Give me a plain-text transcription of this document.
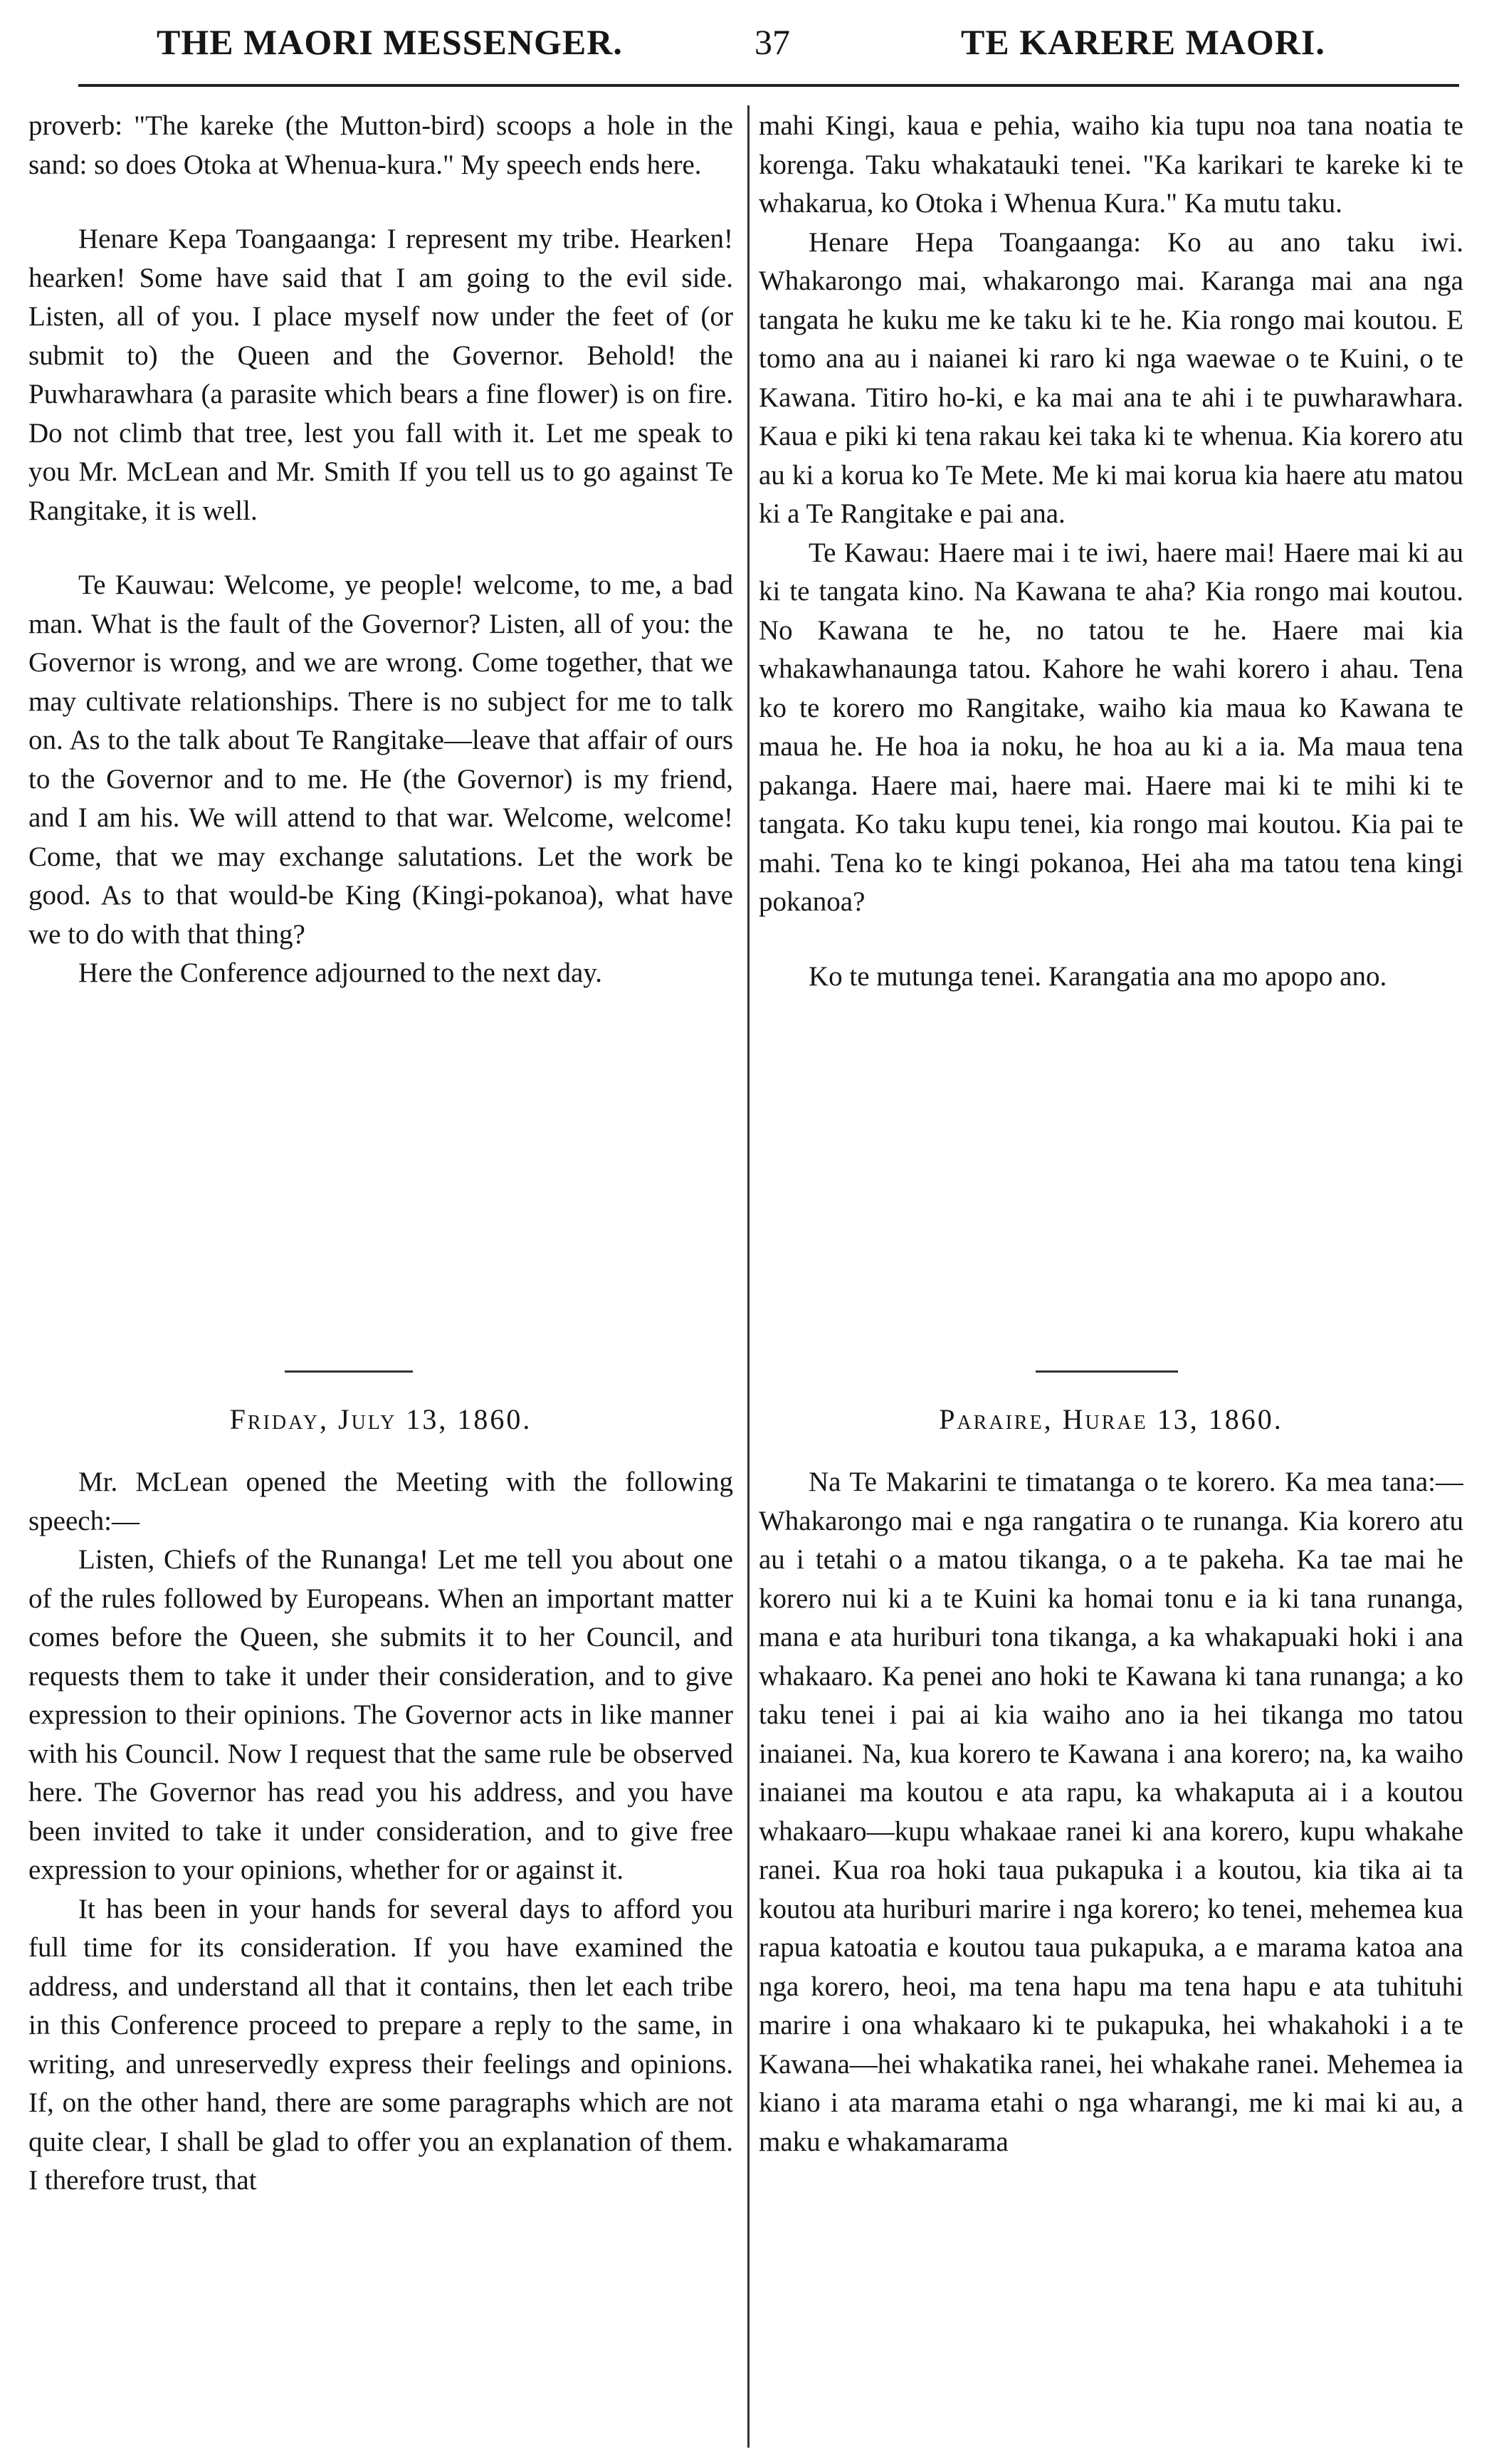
THE MAORI MESSENGER.	37	TE KARERE MAORI.

proverb: "The kareke (the Mutton-bird) scoops a hole in the sand: so does Otoka at Whenua-kura." My speech ends here.

Henare Kepa Toangaanga: I represent my tribe. Hearken! hearken! Some have said that I am going to the evil side. Listen, all of you. I place myself now under the feet of (or submit to) the Queen and the Governor. Behold! the Puwharawhara (a parasite which bears a fine flower) is on fire. Do not climb that tree, lest you fall with it. Let me speak to you Mr. McLean and Mr. Smith If you tell us to go against Te Rangitake, it is well.

Te Kauwau: Welcome, ye people! welcome, to me, a bad man. What is the fault of the Governor? Listen, all of you: the Governor is wrong, and we are wrong. Come together, that we may cultivate relationships. There is no subject for me to talk on. As to the talk about Te Rangitake—leave that affair of ours to the Governor and to me. He (the Governor) is my friend, and I am his. We will attend to that war. Welcome, welcome! Come, that we may exchange salutations. Let the work be good. As to that would-be King (Kingi-pokanoa), what have we to do with that thing?

Here the Conference adjourned to the next day.

mahi Kingi, kaua e pehia, waiho kia tupu noa tana noatia te korenga. Taku whakatauki tenei. "Ka karikari te kareke ki te whakarua, ko Otoka i Whenua Kura." Ka mutu taku.

Henare Hepa Toangaanga: Ko au ano taku iwi. Whakarongo mai, whakarongo mai. Karanga mai ana nga tangata he kuku me ke taku ki te he. Kia rongo mai koutou. E tomo ana au i naianei ki raro ki nga waewae o te Kuini, o te Kawana. Titiro ho-ki, e ka mai ana te ahi i te puwharawhara. Kaua e piki ki tena rakau kei taka ki te whenua. Kia korero atu au ki a korua ko Te Mete. Me ki mai korua kia haere atu matou ki a Te Rangitake e pai ana.

Te Kawau: Haere mai i te iwi, haere mai! Haere mai ki au ki te tangata kino. Na Kawana te aha? Kia rongo mai koutou. No Kawana te he, no tatou te he. Haere mai kia whakawhanaunga tatou. Kahore he wahi korero i ahau. Tena ko te korero mo Rangitake, waiho kia maua ko Kawana te maua he. He hoa ia noku, he hoa au ki a ia. Ma maua tena pakanga. Haere mai, haere mai. Haere mai ki te mihi ki te tangata. Ko taku kupu tenei, kia rongo mai koutou. Kia pai te mahi. Tena ko te kingi pokanoa, Hei aha ma tatou tena kingi pokanoa?

Ko te mutunga tenei. Karangatia ana mo apopo ano.

Friday, July 13, 1860.	Paraire, Hurae 13, 1860.

Mr. McLean opened the Meeting with the following speech:—

Listen, Chiefs of the Runanga! Let me tell you about one of the rules followed by Europeans. When an important matter comes before the Queen, she submits it to her Council, and requests them to take it under their consideration, and to give expression to their opinions. The Governor acts in like manner with his Council. Now I request that the same rule be observed here. The Governor has read you his address, and you have been invited to take it under consideration, and to give free expression to your opinions, whether for or against it.

It has been in your hands for several days to afford you full time for its consideration. If you have examined the address, and understand all that it contains, then let each tribe in this Conference proceed to prepare a reply to the same, in writing, and unreservedly express their feelings and opinions. If, on the other hand, there are some paragraphs which are not quite clear, I shall be glad to offer you an explanation of them. I therefore trust, that

Na Te Makarini te timatanga o te korero. Ka mea tana:—Whakarongo mai e nga rangatira o te runanga. Kia korero atu au i tetahi o a matou tikanga, o a te pakeha. Ka tae mai he korero nui ki a te Kuini ka homai tonu e ia ki tana runanga, mana e ata huriburi tona tikanga, a ka whakapuaki hoki i ana whakaaro. Ka penei ano hoki te Kawana ki tana runanga; a ko taku tenei i pai ai kia waiho ano ia hei tikanga mo tatou inaianei. Na, kua korero te Kawana i ana korero; na, ka waiho inaianei ma koutou e ata rapu, ka whakaputa ai i a koutou whakaaro—kupu whakaae ranei ki ana korero, kupu whakahe ranei. Kua roa hoki taua pukapuka i a koutou, kia tika ai ta koutou ata huriburi marire i nga korero; ko tenei, mehemea kua rapua katoatia e koutou taua pukapuka, a e marama katoa ana nga korero, heoi, ma tena hapu ma tena hapu e ata tuhituhi marire i ona whakaaro ki te pukapuka, hei whakahoki i a te Kawana—hei whakatika ranei, hei whakahe ranei. Mehemea ia kiano i ata marama etahi o nga wharangi, me ki mai ki au, a maku e whakamarama
